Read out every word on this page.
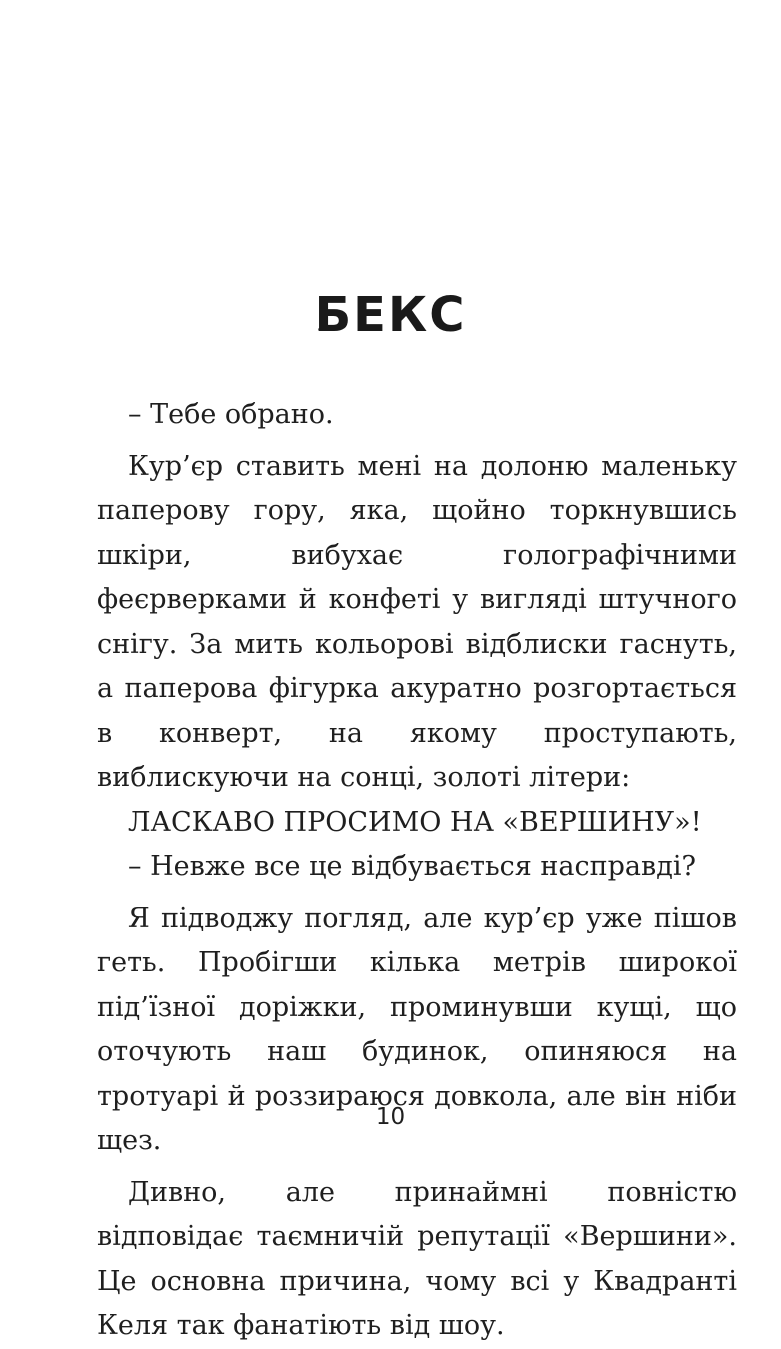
БЕКС

– Тебе обрано.

Кур’єр ставить мені на долоню маленьку паперову гору, яка, щойно торкнувшись шкіри, вибухає голографічними феєрверками й конфеті у вигляді штучного снігу. За мить кольорові відблиски гаснуть, а паперова фігурка акуратно розгортається в конверт, на якому проступають, виблискуючи на сонці, золоті літери:

ЛАСКАВО ПРОСИМО НА «ВЕРШИНУ»!

– Невже все це відбувається насправді?

Я підводжу погляд, але кур’єр уже пішов геть. Пробігши кілька метрів широкої під’їзної доріжки, проминувши кущі, що оточують наш будинок, опиняюся на тротуарі й роззираюся довкола, але він ніби щез.

Дивно, але принаймні повністю відповідає таємничій репутації «Вершини». Це основна причина, чому всі у Квадранті Келя так фанатіють від шоу.

10
